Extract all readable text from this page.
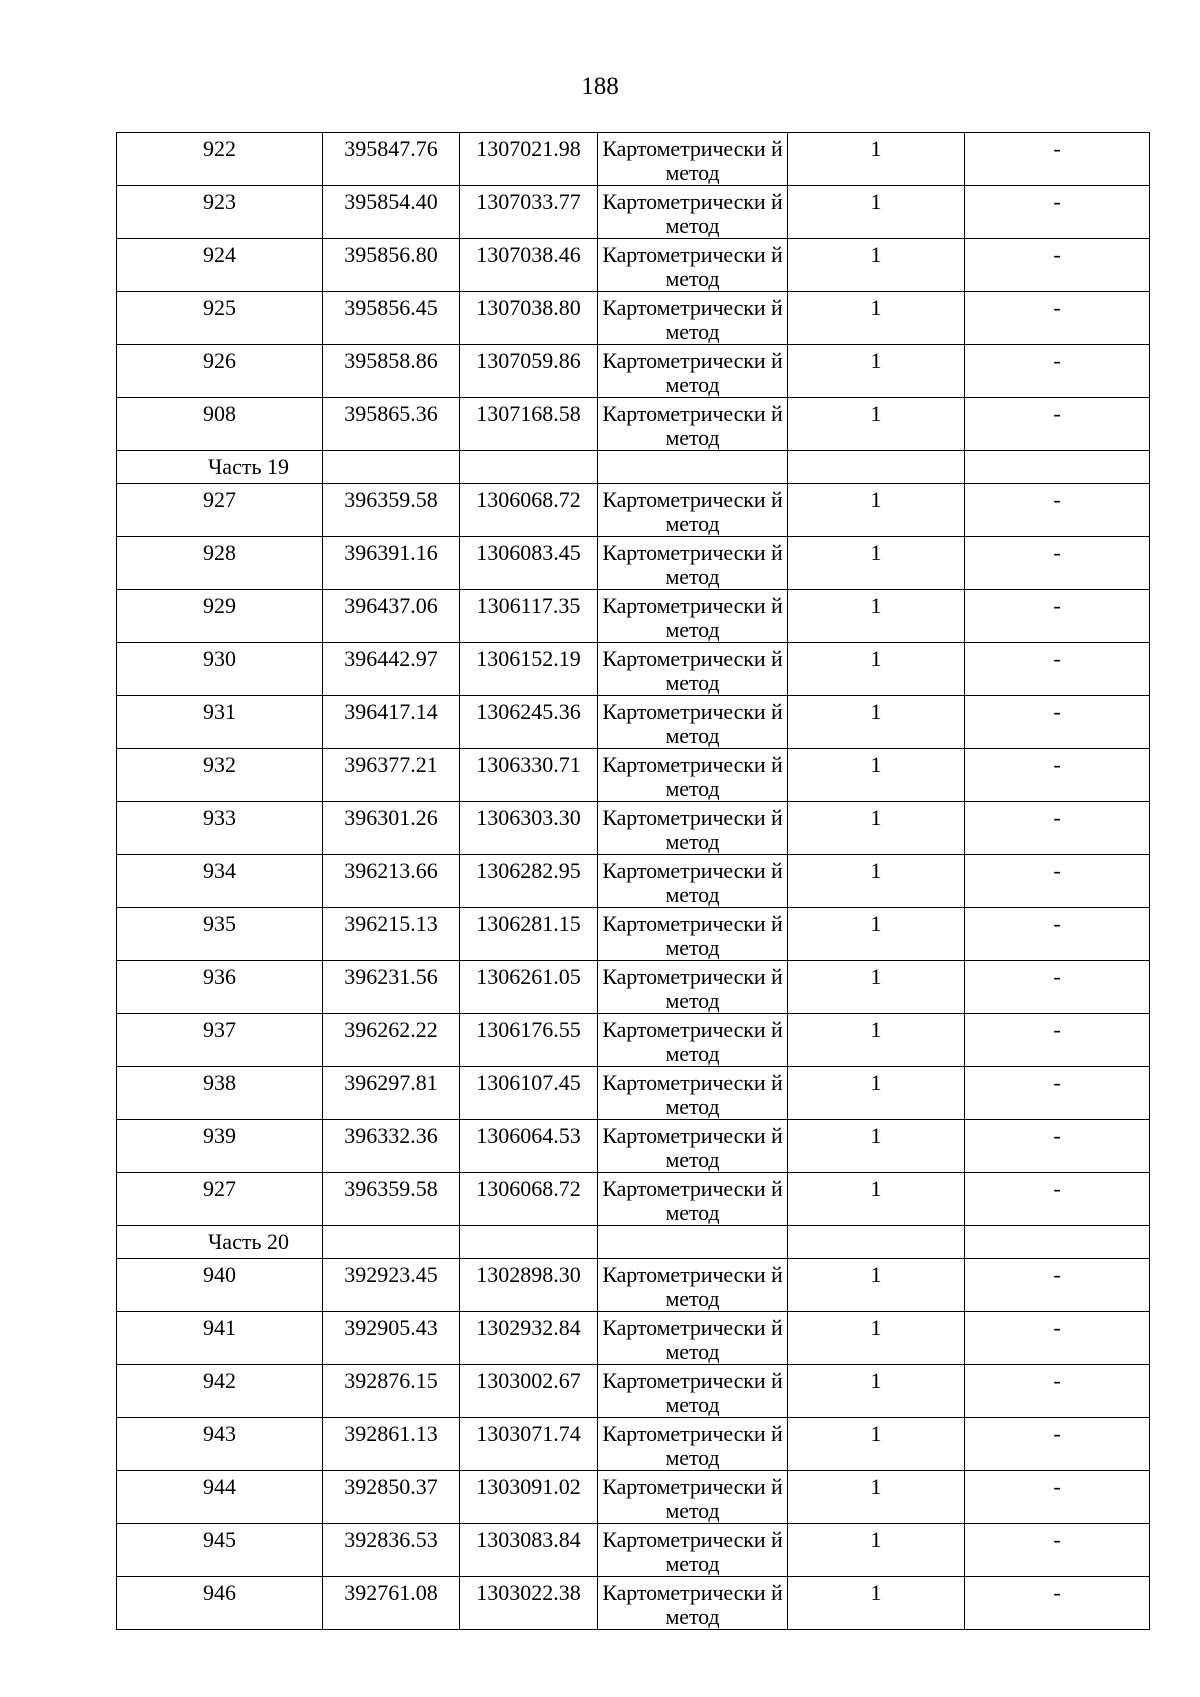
188
922	395847.76	1307021.98	Картометрически й метод	1	-

923	395854.40	1307033.77	Картометрически й метод	1	-

924	395856.80	1307038.46	Картометрически й метод	1	-

925	395856.45	1307038.80	Картометрически й метод	1	-

926	395858.86	1307059.86	Картометрически й метод	1	-

908	395865.36	1307168.58	Картометрически й метод	1	-

Часть 19					

927	396359.58	1306068.72	Картометрически й метод	1	-

928	396391.16	1306083.45	Картометрически й метод	1	-

929	396437.06	1306117.35	Картометрически й метод	1	-

930	396442.97	1306152.19	Картометрически й метод	1	-

931	396417.14	1306245.36	Картометрически й метод	1	-

932	396377.21	1306330.71	Картометрически й метод	1	-

933	396301.26	1306303.30	Картометрически й метод	1	-

934	396213.66	1306282.95	Картометрически й метод	1	-

935	396215.13	1306281.15	Картометрически й метод	1	-

936	396231.56	1306261.05	Картометрически й метод	1	-

937	396262.22	1306176.55	Картометрически й метод	1	-

938	396297.81	1306107.45	Картометрически й метод	1	-

939	396332.36	1306064.53	Картометрически й метод	1	-

927	396359.58	1306068.72	Картометрически й метод	1	-

Часть 20					

940	392923.45	1302898.30	Картометрически й метод	1	-

941	392905.43	1302932.84	Картометрически й метод	1	-

942	392876.15	1303002.67	Картометрически й метод	1	-

943	392861.13	1303071.74	Картометрически й метод	1	-

944	392850.37	1303091.02	Картометрически й метод	1	-

945	392836.53	1303083.84	Картометрически й метод	1	-

946	392761.08	1303022.38	Картометрически й метод	1	-
